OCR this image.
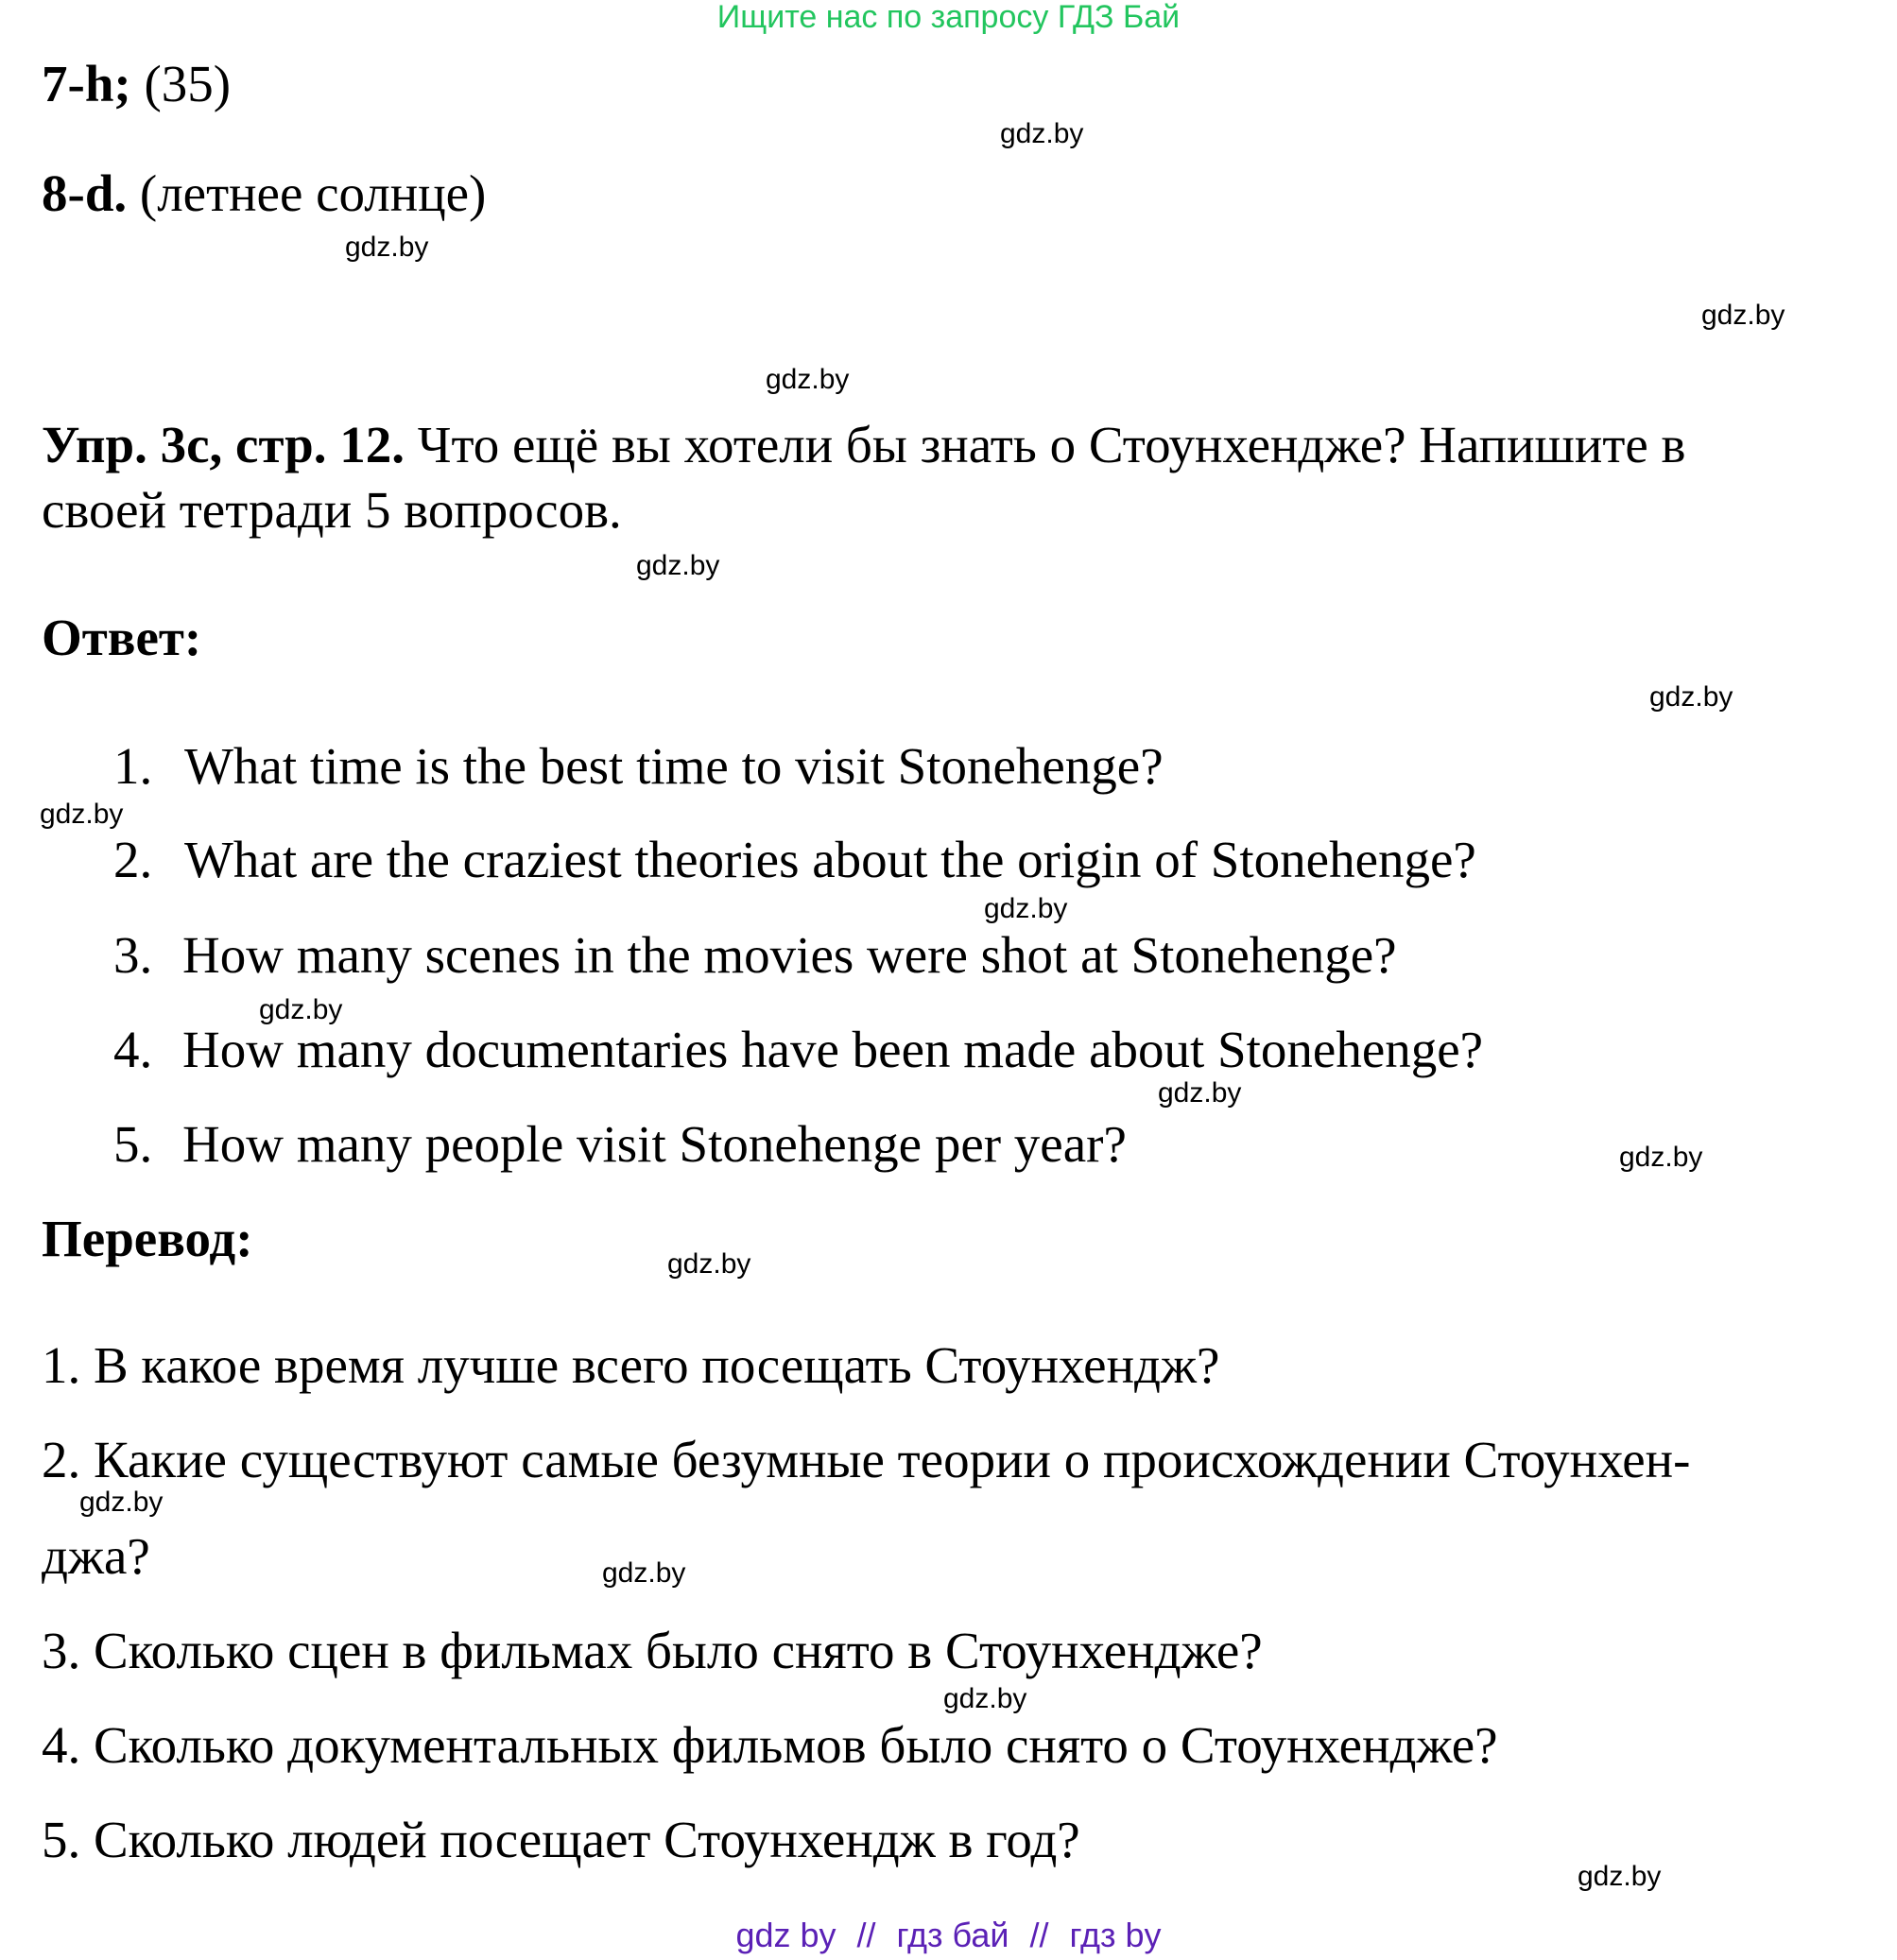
Ищите нас по запросу ГДЗ Бай
7-h; (35)
8-d. (летнее солнце)
Упр. 3c, стр. 12. Что ещё вы хотели бы знать о Стоунхендже? Напишите в
своей тетради 5 вопросов.
Ответ:
1. What time is the best time to visit Stonehenge?
2. What are the craziest theories about the origin of Stonehenge?
3. How many scenes in the movies were shot at Stonehenge?
4. How many documentaries have been made about Stonehenge?
5. How many people visit Stonehenge per year?
Перевод:
1. В какое время лучше всего посещать Стоунхендж?
2. Какие существуют самые безумные теории о происхождении Стоунхен-
джа?
3. Сколько сцен в фильмах было снято в Стоунхендже?
4. Сколько документальных фильмов было снято о Стоунхендже?
5. Сколько людей посещает Стоунхендж в год?
gdz.by
gdz.by
gdz.by
gdz.by
gdz.by
gdz.by
gdz.by
gdz.by
gdz.by
gdz.by
gdz.by
gdz.by
gdz.by
gdz.by
gdz.by
gdz.by
gdz by // гдз бай // гдз by
